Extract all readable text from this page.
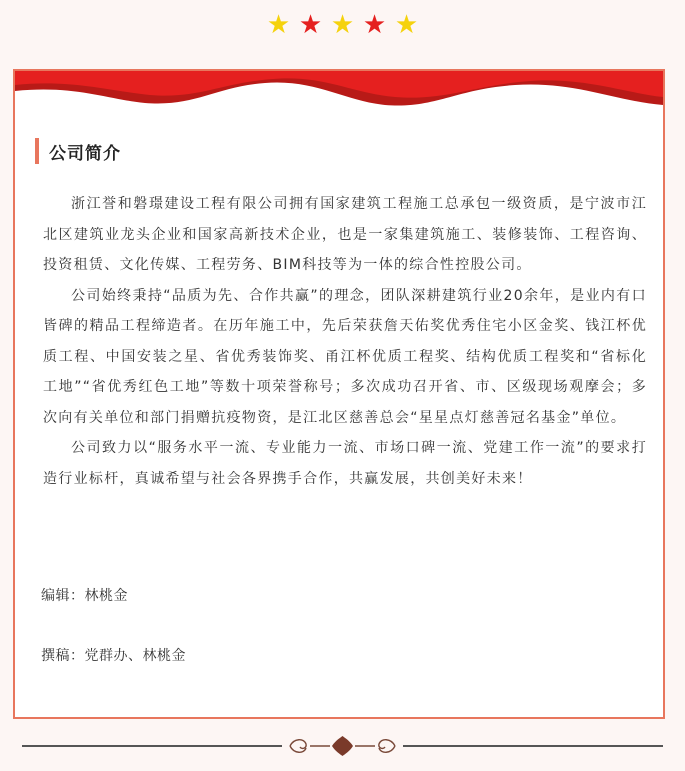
★ ★ ★ ★ ★
公司简介

浙江誉和磐璟建设工程有限公司拥有国家建筑工程施工总承包一级资质，是宁波市江北区建筑业龙头企业和国家高新技术企业，也是一家集建筑施工、装修装饰、工程咨询、投资租赁、文化传媒、工程劳务、BIM科技等为一体的综合性控股公司。

公司始终秉持“品质为先、合作共赢”的理念，团队深耕建筑行业20余年，是业内有口皆碑的精品工程缔造者。在历年施工中，先后荣获詹天佑奖优秀住宅小区金奖、钱江杯优质工程、中国安装之星、省优秀装饰奖、甬江杯优质工程奖、结构优质工程奖和“省标化工地”“省优秀红色工地”等数十项荣誉称号；多次成功召开省、市、区级现场观摩会；多次向有关单位和部门捐赠抗疫物资，是江北区慈善总会“星星点灯慈善冠名基金”单位。

公司致力以“服务水平一流、专业能力一流、市场口碑一流、党建工作一流”的要求打造行业标杆，真诚希望与社会各界携手合作，共赢发展，共创美好未来！

编辑：林桃金
撰稿：党群办、林桃金
